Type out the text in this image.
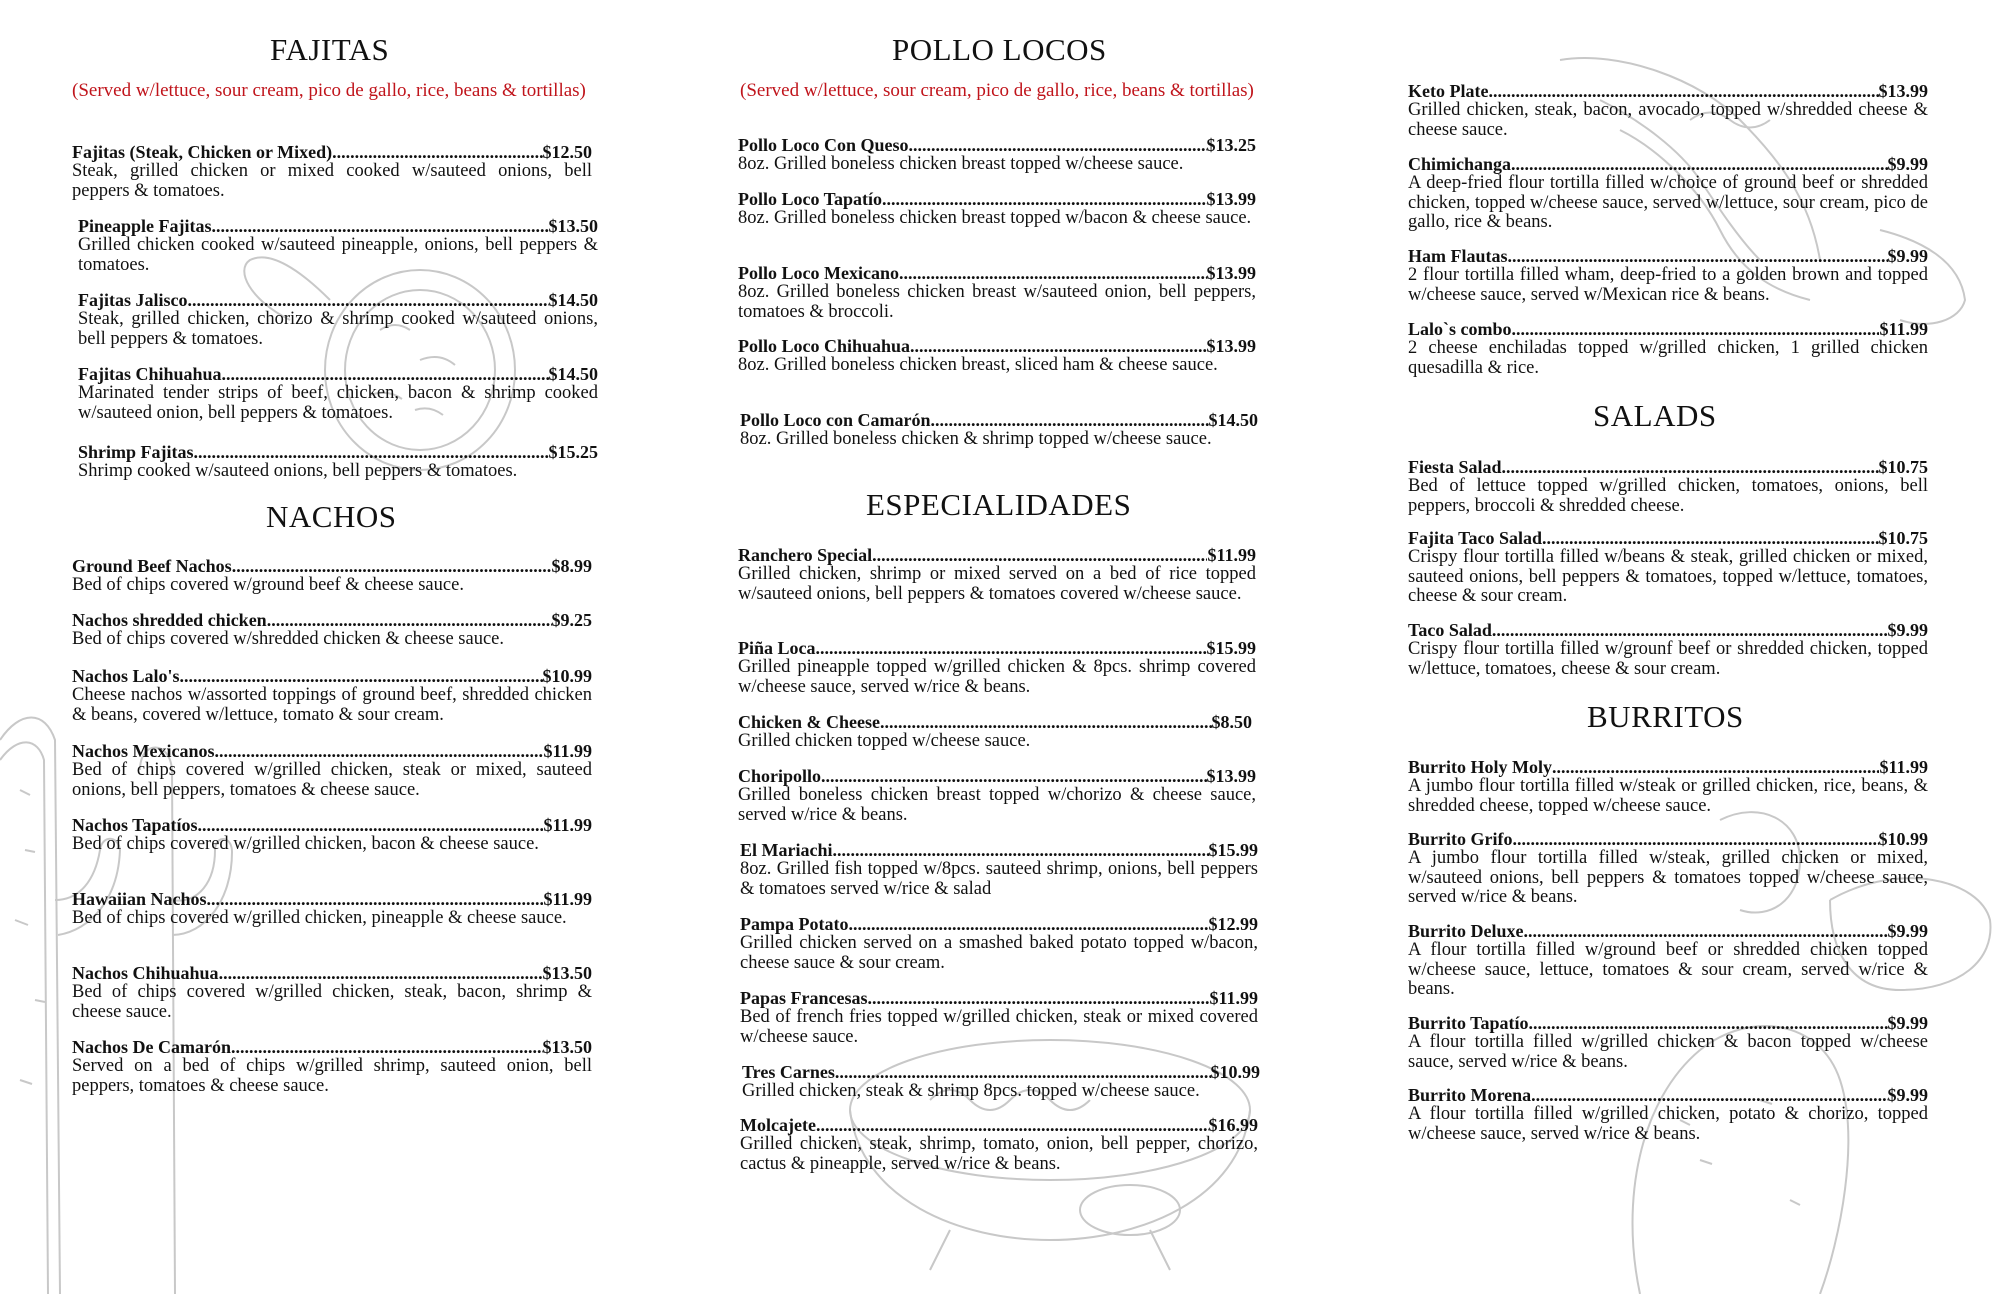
FAJITAS

(Served w/lettuce, sour cream, pico de gallo, rice, beans & tortillas)

Fajitas (Steak, Chicken or Mixed) .....	$12.50
Steak, grilled chicken or mixed cooked w/sauteed onions, bell peppers & tomatoes.
Pineapple Fajitas .....	$13.50
Grilled chicken cooked w/sauteed pineapple, onions, bell peppers & tomatoes.
Fajitas Jalisco .....	$14.50
Steak, grilled chicken, chorizo & shrimp cooked w/sauteed onions, bell peppers & tomatoes.
Fajitas Chihuahua .....	$14.50
Marinated tender strips of beef, chicken, bacon & shrimp cooked w/sauteed onion, bell peppers & tomatoes.
Shrimp Fajitas .....	$15.25
Shrimp cooked w/sauteed onions, bell peppers & tomatoes.
NACHOS
Ground Beef Nachos .....	$8.99
Bed of chips covered w/ground beef & cheese sauce.
Nachos shredded chicken .....	$9.25
Bed of chips covered w/shredded chicken & cheese sauce.
Nachos Lalo's .....	$10.99
Cheese nachos w/assorted toppings of ground beef, shredded chicken & beans, covered w/lettuce, tomato & sour cream.
Nachos Mexicanos .....	$11.99
Bed of chips covered w/grilled chicken, steak or mixed, sauteed onions, bell peppers, tomatoes & cheese sauce.
Nachos Tapatíos .....	$11.99
Bed of chips covered w/grilled chicken, bacon & cheese sauce.
Hawaiian Nachos .....	$11.99
Bed of chips covered w/grilled chicken, pineapple & cheese sauce.
Nachos Chihuahua .....	$13.50
Bed of chips covered w/grilled chicken, steak, bacon, shrimp & cheese sauce.
Nachos De Camarón .....	$13.50
Served on a bed of chips w/grilled shrimp, sauteed onion, bell peppers, tomatoes & cheese sauce.
POLLO LOCOS

(Served w/lettuce, sour cream, pico de gallo, rice, beans & tortillas)

Pollo Loco Con Queso .....	$13.25
8oz. Grilled boneless chicken breast topped w/cheese sauce.
Pollo Loco Tapatío .....	$13.99
8oz. Grilled boneless chicken breast topped w/bacon & cheese sauce.
Pollo Loco Mexicano .....	$13.99
8oz. Grilled boneless chicken breast w/sauteed onion, bell peppers, tomatoes & broccoli.
Pollo Loco Chihuahua .....	$13.99
8oz. Grilled boneless chicken breast, sliced ham & cheese sauce.
Pollo Loco con Camarón .....	$14.50
8oz. Grilled boneless chicken & shrimp topped w/cheese sauce.
ESPECIALIDADES
Ranchero Special .....	$11.99
Grilled chicken, shrimp or mixed served on a bed of rice topped w/sauteed onions, bell peppers & tomatoes covered w/cheese sauce.
Piña Loca .....	$15.99
Grilled pineapple topped w/grilled chicken & 8pcs. shrimp covered w/cheese sauce, served w/rice & beans.
Chicken & Cheese .....	$8.50
Grilled chicken topped w/cheese sauce.
Choripollo .....	$13.99
Grilled boneless chicken breast topped w/chorizo & cheese sauce, served w/rice & beans.
El Mariachi .....	$15.99
8oz. Grilled fish topped w/8pcs. sauteed shrimp, onions, bell peppers & tomatoes served w/rice & salad
Pampa Potato .....	$12.99
Grilled chicken served on a smashed baked potato topped w/bacon, cheese sauce & sour cream.
Papas Francesas .....	$11.99
Bed of french fries topped w/grilled chicken, steak or mixed covered w/cheese sauce.
Tres Carnes .....	$10.99
Grilled chicken, steak & shrimp 8pcs. topped w/cheese sauce.
Molcajete .....	$16.99
Grilled chicken, steak, shrimp, tomato, onion, bell pepper, chorizo, cactus & pineapple, served w/rice & beans.
Keto Plate .....	$13.99
Grilled chicken, steak, bacon, avocado, topped w/shredded cheese & cheese sauce.
Chimichanga .....	$9.99
A deep-fried flour tortilla filled w/choice of ground beef or shredded chicken, topped w/cheese sauce, served w/lettuce, sour cream, pico de gallo, rice & beans.
Ham Flautas .....	$9.99
2 flour tortilla filled wham, deep-fried to a golden brown and topped w/cheese sauce, served w/Mexican rice & beans.
Lalo`s combo .....	$11.99
2 cheese enchiladas topped w/grilled chicken, 1 grilled chicken quesadilla & rice.
SALADS
Fiesta Salad .....	$10.75
Bed of lettuce topped w/grilled chicken, tomatoes, onions, bell peppers, broccoli & shredded cheese.
Fajita Taco Salad .....	$10.75
Crispy flour tortilla filled w/beans & steak, grilled chicken or mixed, sauteed onions, bell peppers & tomatoes, topped w/lettuce, tomatoes, cheese & sour cream.
Taco Salad .....	$9.99
Crispy flour tortilla filled w/grounf beef or shredded chicken, topped w/lettuce, tomatoes, cheese & sour cream.
BURRITOS
Burrito Holy Moly .....	$11.99
A jumbo flour tortilla filled w/steak or grilled chicken, rice, beans, & shredded cheese, topped w/cheese sauce.
Burrito Grifo .....	$10.99
A jumbo flour tortilla filled w/steak, grilled chicken or mixed, w/sauteed onions, bell peppers & tomatoes topped w/cheese sauce, served w/rice & beans.
Burrito Deluxe .....	$9.99
A flour tortilla filled w/ground beef or shredded chicken topped w/cheese sauce, lettuce, tomatoes & sour cream, served w/rice & beans.
Burrito Tapatío .....	$9.99
A flour tortilla filled w/grilled chicken & bacon topped w/cheese sauce, served w/rice & beans.
Burrito Morena .....	$9.99
A flour tortilla filled w/grilled chicken, potato & chorizo, topped w/cheese sauce, served w/rice & beans.
